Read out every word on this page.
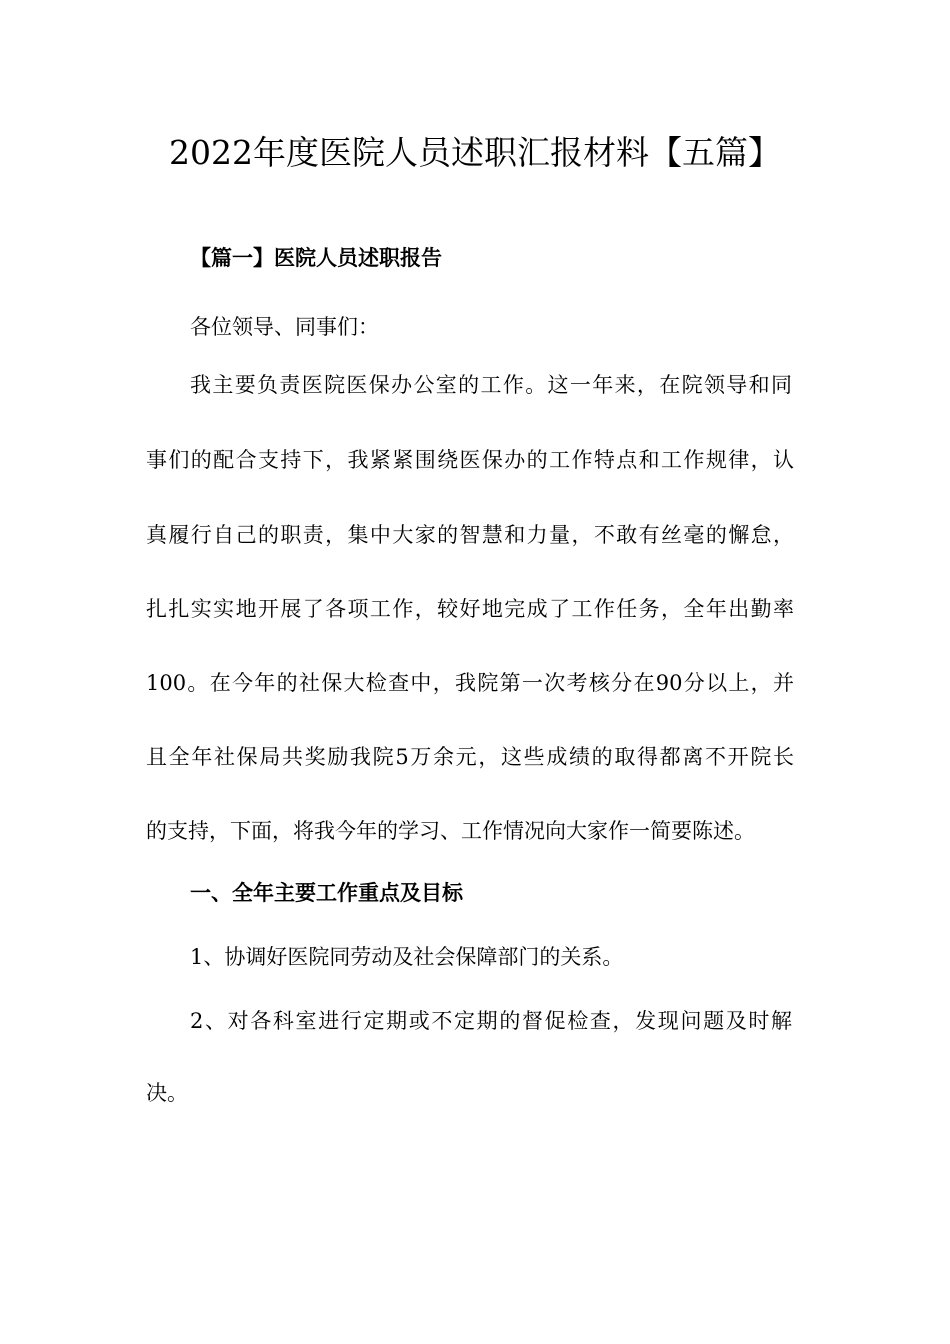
2022年度医院人员述职汇报材料【五篇】

【篇一】医院人员述职报告

各位领导、同事们：

我主要负责医院医保办公室的工作。这一年来，在院领导和同

事们的配合支持下，我紧紧围绕医保办的工作特点和工作规律，认

真履行自己的职责，集中大家的智慧和力量，不敢有丝毫的懈怠，

扎扎实实地开展了各项工作，较好地完成了工作任务，全年出勤率

100。在今年的社保大检查中，我院第一次考核分在90分以上，并

且全年社保局共奖励我院5万余元，这些成绩的取得都离不开院长

的支持，下面，将我今年的学习、工作情况向大家作一简要陈述。

一、全年主要工作重点及目标

1、协调好医院同劳动及社会保障部门的关系。

2、对各科室进行定期或不定期的督促检查，发现问题及时解

决。
